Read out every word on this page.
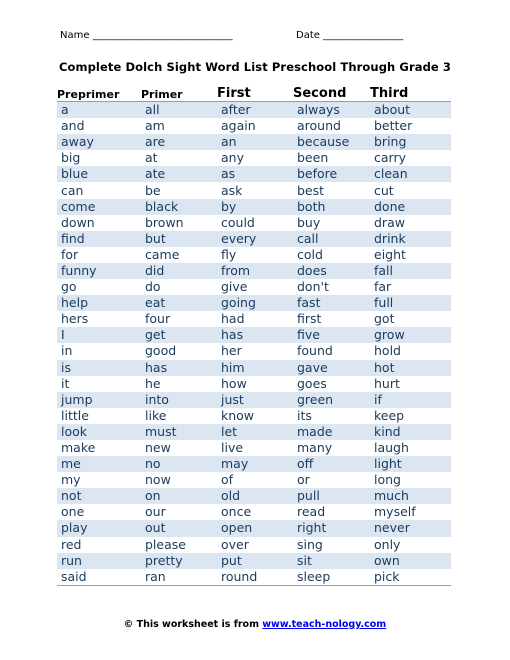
Name ____________________________	Date ________________
Complete Dolch Sight Word List Preschool Through Grade 3
Preprimer	Primer	First	Second	Third
a	all	after	always	about
and	am	again	around	better
away	are	an	because	bring
big	at	any	been	carry
blue	ate	as	before	clean
can	be	ask	best	cut
come	black	by	both	done
down	brown	could	buy	draw
find	but	every	call	drink
for	came	fly	cold	eight
funny	did	from	does	fall
go	do	give	don't	far
help	eat	going	fast	full
hers	four	had	first	got
I	get	has	five	grow
in	good	her	found	hold
is	has	him	gave	hot
it	he	how	goes	hurt
jump	into	just	green	if
little	like	know	its	keep
look	must	let	made	kind
make	new	live	many	laugh
me	no	may	off	light
my	now	of	or	long
not	on	old	pull	much
one	our	once	read	myself
play	out	open	right	never
red	please	over	sing	only
run	pretty	put	sit	own
said	ran	round	sleep	pick
© This worksheet is from www.teach-nology.com
